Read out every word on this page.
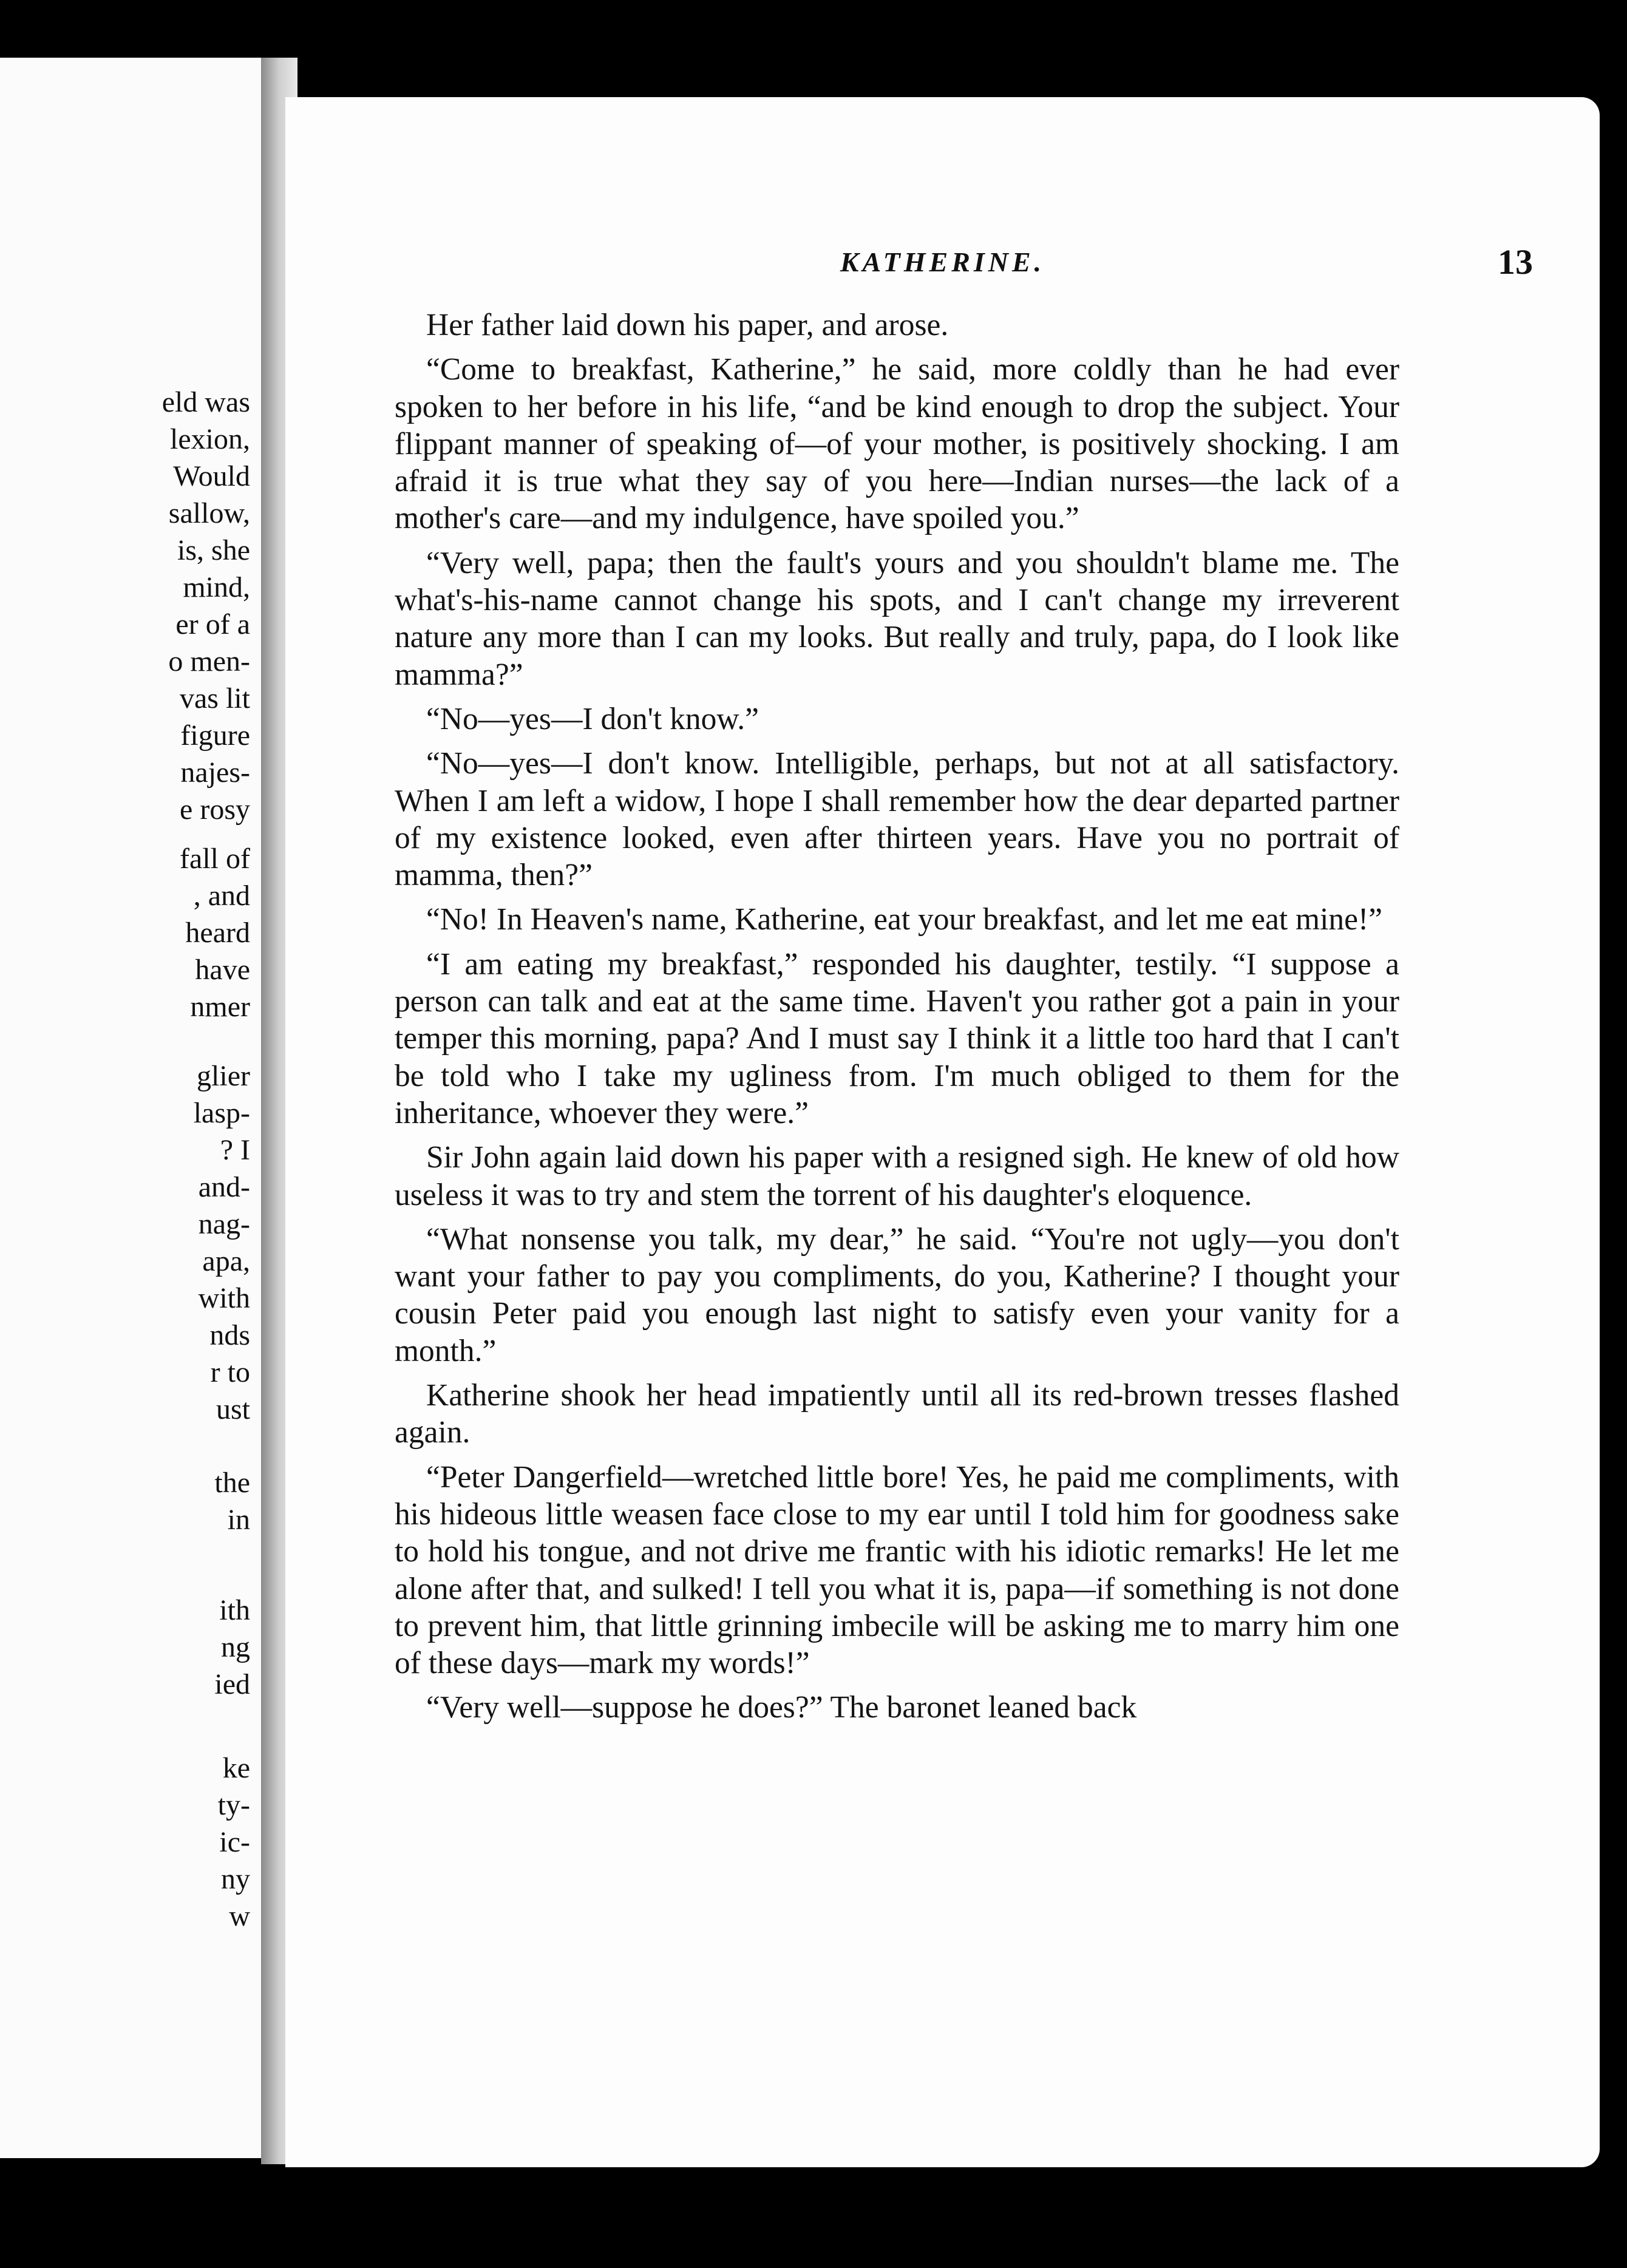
eld was
lexion,
Would
sallow,
is, she
mind,
er of a
o men-
vas lit
figure
najes-
e rosy
fall of
, and
heard
have
nmer
glier
lasp-
? I
and-
nag-
apa,
with
nds
r to
ust
the
in
ith
ng
ied
ke
ty-
ic-
ny
w
KATHERINE.	13

Her father laid down his paper, and arose.

“Come to breakfast, Katherine,” he said, more coldly than he had ever spoken to her before in his life, “and be kind enough to drop the subject. Your flippant manner of speaking of—of your mother, is positively shocking. I am afraid it is true what they say of you here—Indian nurses—the lack of a mother's care—and my indulgence, have spoiled you.”

“Very well, papa; then the fault's yours and you shouldn't blame me. The what's-his-name cannot change his spots, and I can't change my irreverent nature any more than I can my looks. But really and truly, papa, do I look like mamma?”

“No—yes—I don't know.”

“No—yes—I don't know. Intelligible, perhaps, but not at all satisfactory. When I am left a widow, I hope I shall remember how the dear departed partner of my existence looked, even after thirteen years. Have you no portrait of mamma, then?”

“No! In Heaven's name, Katherine, eat your breakfast, and let me eat mine!”

“I am eating my breakfast,” responded his daughter, testily. “I suppose a person can talk and eat at the same time. Haven't you rather got a pain in your temper this morning, papa? And I must say I think it a little too hard that I can't be told who I take my ugliness from. I'm much obliged to them for the inheritance, whoever they were.”

Sir John again laid down his paper with a resigned sigh. He knew of old how useless it was to try and stem the torrent of his daughter's eloquence.

“What nonsense you talk, my dear,” he said. “You're not ugly—you don't want your father to pay you compliments, do you, Katherine? I thought your cousin Peter paid you enough last night to satisfy even your vanity for a month.”

Katherine shook her head impatiently until all its red-brown tresses flashed again.

“Peter Dangerfield—wretched little bore! Yes, he paid me compliments, with his hideous little weasen face close to my ear until I told him for goodness sake to hold his tongue, and not drive me frantic with his idiotic remarks! He let me alone after that, and sulked! I tell you what it is, papa—if something is not done to prevent him, that little grinning imbecile will be asking me to marry him one of these days—mark my words!”

“Very well—suppose he does?” The baronet leaned back
